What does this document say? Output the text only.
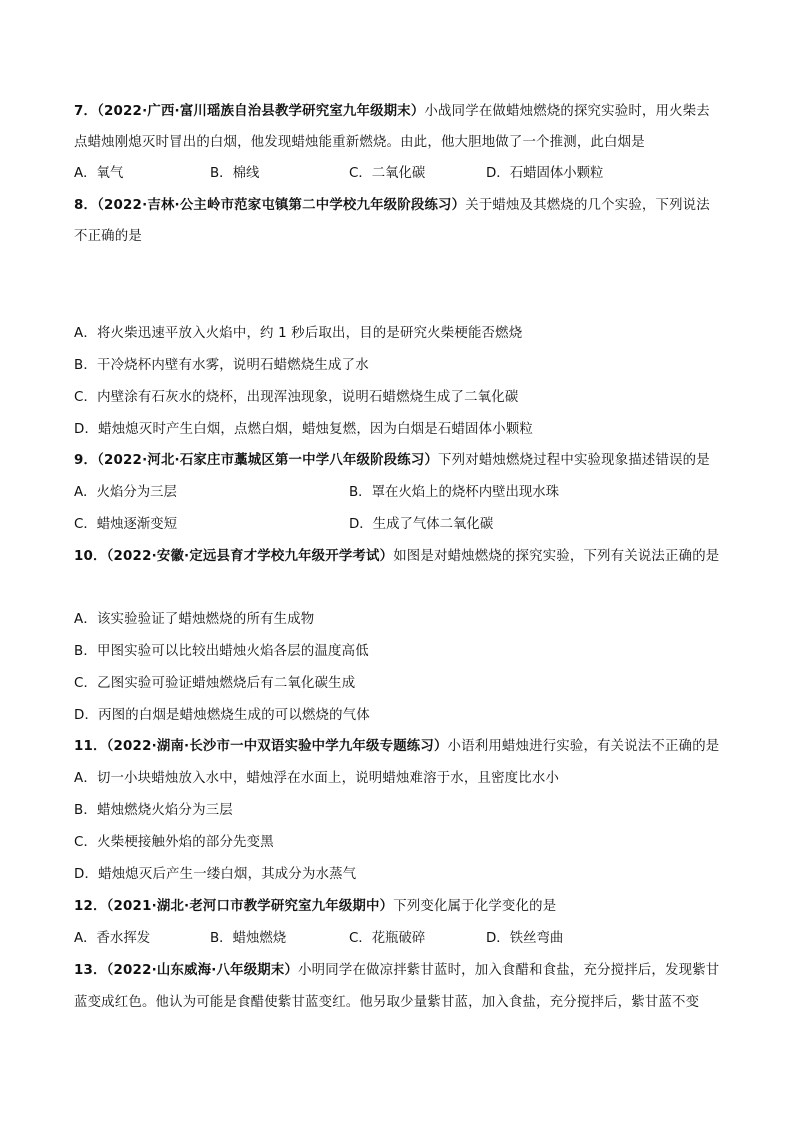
7．（2022·广西·富川瑶族自治县教学研究室九年级期末）小战同学在做蜡烛燃烧的探究实验时，用火柴去
点蜡烛刚熄灭时冒出的白烟，他发现蜡烛能重新燃烧。由此，他大胆地做了一个推测，此白烟是
A．氧气	B．棉线	C．二氧化碳	D．石蜡固体小颗粒
8．（2022·吉林·公主岭市范家屯镇第二中学校九年级阶段练习）关于蜡烛及其燃烧的几个实验，下列说法
不正确的是
A．将火柴迅速平放入火焰中，约 1 秒后取出，目的是研究火柴梗能否燃烧
B．干冷烧杯内壁有水雾，说明石蜡燃烧生成了水
C．内壁涂有石灰水的烧杯，出现浑浊现象，说明石蜡燃烧生成了二氧化碳
D．蜡烛熄灭时产生白烟，点燃白烟，蜡烛复燃，因为白烟是石蜡固体小颗粒
9．（2022·河北·石家庄市藁城区第一中学八年级阶段练习）下列对蜡烛燃烧过程中实验现象描述错误的是
A．火焰分为三层	B．罩在火焰上的烧杯内壁出现水珠
C．蜡烛逐渐变短	D．生成了气体二氧化碳
10．（2022·安徽·定远县育才学校九年级开学考试）如图是对蜡烛燃烧的探究实验，下列有关说法正确的是
A．该实验验证了蜡烛燃烧的所有生成物
B．甲图实验可以比较出蜡烛火焰各层的温度高低
C．乙图实验可验证蜡烛燃烧后有二氧化碳生成
D．丙图的白烟是蜡烛燃烧生成的可以燃烧的气体
11．（2022·湖南·长沙市一中双语实验中学九年级专题练习）小语利用蜡烛进行实验，有关说法不正确的是
A．切一小块蜡烛放入水中，蜡烛浮在水面上，说明蜡烛难溶于水，且密度比水小
B．蜡烛燃烧火焰分为三层
C．火柴梗接触外焰的部分先变黑
D．蜡烛熄灭后产生一缕白烟，其成分为水蒸气
12．（2021·湖北·老河口市教学研究室九年级期中）下列变化属于化学变化的是
A．香水挥发	B．蜡烛燃烧	C．花瓶破碎	D．铁丝弯曲
13．（2022·山东威海·八年级期末）小明同学在做凉拌紫甘蓝时，加入食醋和食盐，充分搅拌后，发现紫甘
蓝变成红色。他认为可能是食醋使紫甘蓝变红。他另取少量紫甘蓝，加入食盐，充分搅拌后，紫甘蓝不变
